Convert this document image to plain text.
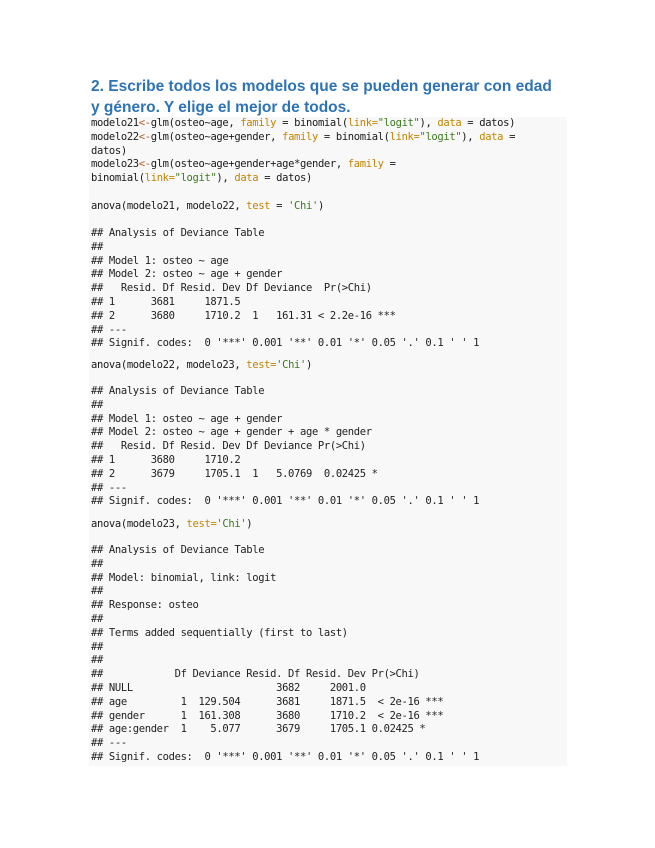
2. Escribe todos los modelos que se pueden generar con edad y género. Y elige el mejor de todos.
modelo21<-glm(osteo~age, family = binomial(link="logit"), data = datos)
modelo22<-glm(osteo~age+gender, family = binomial(link="logit"), data =
datos)
modelo23<-glm(osteo~age+gender+age*gender, family =
binomial(link="logit"), data = datos)
anova(modelo21, modelo22, test = 'Chi')
## Analysis of Deviance Table
##
## Model 1: osteo ~ age
## Model 2: osteo ~ age + gender
##   Resid. Df Resid. Dev Df Deviance  Pr(>Chi)
## 1      3681     1871.5
## 2      3680     1710.2  1   161.31 < 2.2e-16 ***
## ---
## Signif. codes:  0 '***' 0.001 '**' 0.01 '*' 0.05 '.' 0.1 ' ' 1
anova(modelo22, modelo23, test='Chi')
## Analysis of Deviance Table
##
## Model 1: osteo ~ age + gender
## Model 2: osteo ~ age + gender + age * gender
##   Resid. Df Resid. Dev Df Deviance Pr(>Chi)
## 1      3680     1710.2
## 2      3679     1705.1  1   5.0769  0.02425 *
## ---
## Signif. codes:  0 '***' 0.001 '**' 0.01 '*' 0.05 '.' 0.1 ' ' 1
anova(modelo23, test='Chi')
## Analysis of Deviance Table
##
## Model: binomial, link: logit
##
## Response: osteo
##
## Terms added sequentially (first to last)
##
##
##            Df Deviance Resid. Df Resid. Dev Pr(>Chi)
## NULL                        3682     2001.0
## age         1  129.504      3681     1871.5  < 2e-16 ***
## gender      1  161.308      3680     1710.2  < 2e-16 ***
## age:gender  1    5.077      3679     1705.1 0.02425 *
## ---
## Signif. codes:  0 '***' 0.001 '**' 0.01 '*' 0.05 '.' 0.1 ' ' 1
